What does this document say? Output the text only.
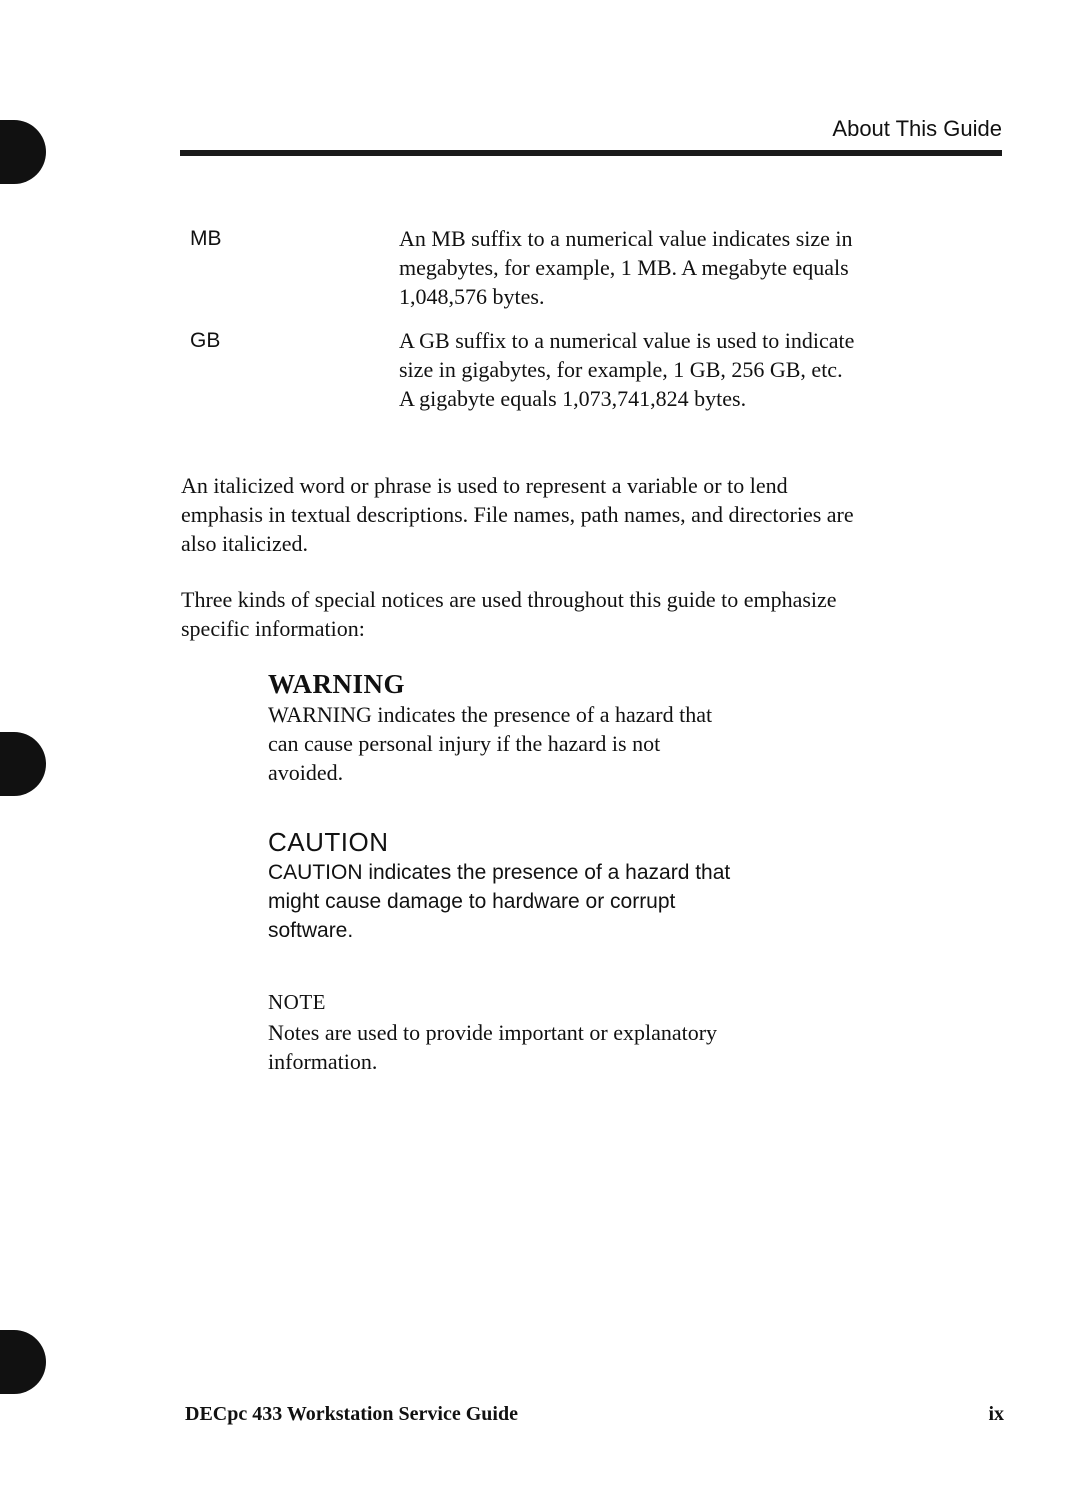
About This Guide
MB	An MB suffix to a numerical value indicates size in
megabytes, for example, 1 MB. A megabyte equals
1,048,576 bytes.
GB	A GB suffix to a numerical value is used to indicate
size in gigabytes, for example, 1 GB, 256 GB, etc.
A gigabyte equals 1,073,741,824 bytes.
An italicized word or phrase is used to represent a variable or to lend
emphasis in textual descriptions. File names, path names, and directories are
also italicized.
Three kinds of special notices are used throughout this guide to emphasize
specific information:
WARNING
WARNING indicates the presence of a hazard that
can cause personal injury if the hazard is not
avoided.
CAUTION
CAUTION indicates the presence of a hazard that
might cause damage to hardware or corrupt
software.
NOTE
Notes are used to provide important or explanatory
information.
DECpc 433 Workstation Service Guide	ix
